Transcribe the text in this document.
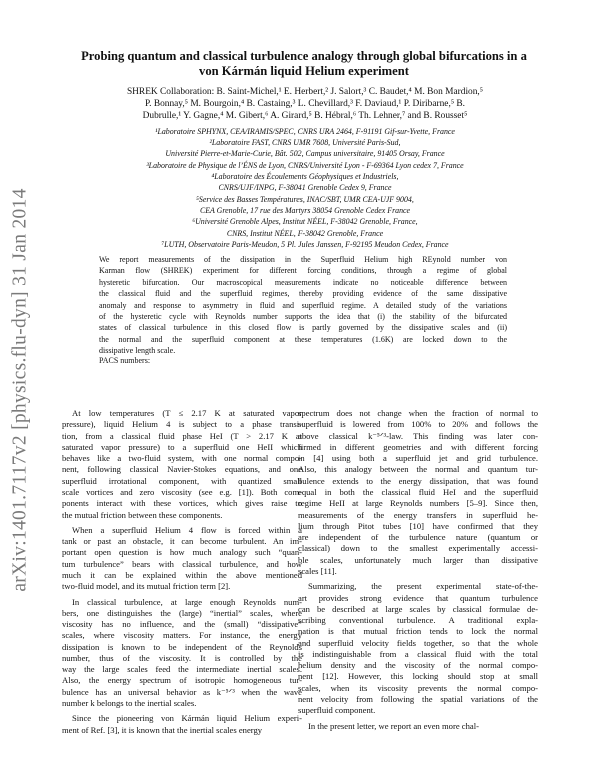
arXiv:1401.7117v2 [physics.flu-dyn] 31 Jan 2014
Probing quantum and classical turbulence analogy through global bifurcations in a
von Kármán liquid Helium experiment
SHREK Collaboration: B. Saint-Michel,¹ E. Herbert,² J. Salort,³ C. Baudet,⁴ M. Bon Mardion,⁵
P. Bonnay,⁵ M. Bourgoin,⁴ B. Castaing,³ L. Chevillard,³ F. Daviaud,¹ P. Diribarne,⁵ B.
Dubrulle,¹ Y. Gagne,⁴ M. Gibert,⁶ A. Girard,⁵ B. Hébral,⁶ Th. Lehner,⁷ and B. Rousset⁵
¹Laboratoire SPHYNX, CEA/IRAMIS/SPEC, CNRS URA 2464, F-91191 Gif-sur-Yvette, France
²Laboratoire FAST, CNRS UMR 7608, Université Paris-Sud,
Université Pierre-et-Marie-Curie, Bât. 502, Campus universitaire, 91405 Orsay, France
³Laboratoire de Physique de l’ÉNS de Lyon, CNRS/Université Lyon - F-69364 Lyon cedex 7, France
⁴Laboratoire des Écoulements Géophysiques et Industriels,
CNRS/UJF/INPG, F-38041 Grenoble Cedex 9, France
⁵Service des Basses Températures, INAC/SBT, UMR CEA-UJF 9004,
CEA Grenoble, 17 rue des Martyrs 38054 Grenoble Cedex France
⁶Université Grenoble Alpes, Institut NÉEL, F-38042 Grenoble, France,
CNRS, Institut NÉEL, F-38042 Grenoble, France
⁷LUTH, Observatoire Paris-Meudon, 5 Pl. Jules Janssen, F-92195 Meudon Cedex, France
We report measurements of the dissipation in the Superfluid Helium high REynold number von
Karman flow (SHREK) experiment for different forcing conditions, through a regime of global
hysteretic bifurcation. Our macroscopical measurements indicate no noticeable difference between
the classical fluid and the superfluid regimes, thereby providing evidence of the same dissipative
anomaly and response to asymmetry in fluid and superfluid regime. A detailed study of the variations
of the hysteretic cycle with Reynolds number supports the idea that (i) the stability of the bifurcated
states of classical turbulence in this closed flow is partly governed by the dissipative scales and (ii)
the normal and the superfluid component at these temperatures (1.6K) are locked down to the
dissipative length scale.
PACS numbers:
At low temperatures (T ≤ 2.17 K at saturated vapor
pressure), liquid Helium 4 is subject to a phase transi-
tion, from a classical fluid phase HeI (T > 2.17 K at
saturated vapor pressure) to a superfluid one HeII which
behaves like a two-fluid system, with one normal compo-
nent, following classical Navier-Stokes equations, and one
superfluid irrotational component, with quantized small
scale vortices and zero viscosity (see e.g. [1]). Both com-
ponents interact with these vortices, which gives raise to
the mutual friction between these components.
When a superfluid Helium 4 flow is forced within a
tank or past an obstacle, it can become turbulent. An im-
portant open question is how much analogy such “quan-
tum turbulence” bears with classical turbulence, and how
much it can be explained within the above mentioned
two-fluid model, and its mutual friction term [2].
In classical turbulence, at large enough Reynolds num-
bers, one distinguishes the (large) “inertial” scales, where
viscosity has no influence, and the (small) “dissipative”
scales, where viscosity matters. For instance, the energy
dissipation is known to be independent of the Reynolds
number, thus of the viscosity. It is controlled by the
way the large scales feed the intermediate inertial scales.
Also, the energy spectrum of isotropic homogeneous tur-
bulence has an universal behavior as k⁻⁵ᐟ³ when the wave
number k belongs to the inertial scales.
Since the pioneering von Kármán liquid Helium experi-
ment of Ref. [3], it is known that the inertial scales energy
spectrum does not change when the fraction of normal to
superfluid is lowered from 100% to 20% and follows the
above classical k⁻⁵ᐟ³-law. This finding was later con-
firmed in different geometries and with different forcing
in [4] using both a superfluid jet and grid turbulence.
Also, this analogy between the normal and quantum tur-
bulence extends to the energy dissipation, that was found
equal in both the classical fluid HeI and the superfluid
regime HeII at large Reynolds numbers [5–9]. Since then,
measurements of the energy transfers in superfluid he-
lium through Pitot tubes [10] have confirmed that they
are independent of the turbulence nature (quantum or
classical) down to the smallest experimentally accessi-
ble scales, unfortunately much larger than dissipative
scales [11].
Summarizing, the present experimental state-of-the-
art provides strong evidence that quantum turbulence
can be described at large scales by classical formulae de-
scribing conventional turbulence. A traditional expla-
nation is that mutual friction tends to lock the normal
and superfluid velocity fields together, so that the whole
is indistinguishable from a classical fluid with the total
helium density and the viscosity of the normal compo-
nent [12]. However, this locking should stop at small
scales, when its viscosity prevents the normal compo-
nent velocity from following the spatial variations of the
superfluid component.
In the present letter, we report an even more chal-
